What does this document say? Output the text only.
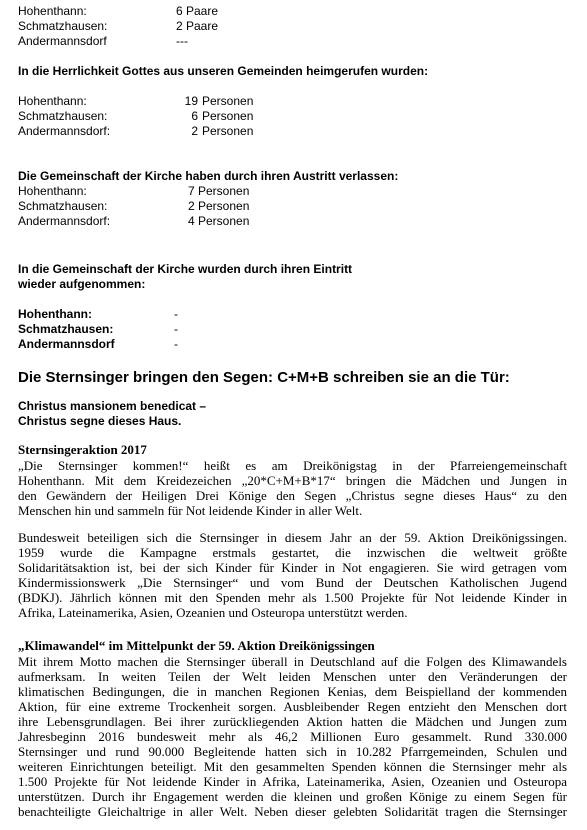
Hohenthann:	6 Paare
Schmatzhausen:	2 Paare
Andermannsdorf	---
In die Herrlichkeit Gottes aus unseren Gemeinden heimgerufen wurden:
Hohenthann:	19 Personen
Schmatzhausen:	6 Personen
Andermannsdorf:	2 Personen
Die Gemeinschaft der Kirche haben durch ihren Austritt verlassen:
Hohenthann:	7 Personen
Schmatzhausen:	2 Personen
Andermannsdorf:	4 Personen
In die Gemeinschaft der Kirche wurden durch ihren Eintritt
wieder aufgenommen:
Hohenthann:	-
Schmatzhausen:	-
Andermannsdorf	-
Die Sternsinger bringen den Segen: C+M+B schreiben sie an die Tür:
Christus mansionem benedicat –
Christus segne dieses Haus.
Sternsingeraktion 2017
„Die Sternsinger kommen!“ heißt es am Dreikönigstag in der Pfarreiengemeinschaft
Hohenthann. Mit dem Kreidezeichen „20*C+M+B*17“ bringen die Mädchen und Jungen in
den Gewändern der Heiligen Drei Könige den Segen „Christus segne dieses Haus“ zu den
Menschen hin und sammeln für Not leidende Kinder in aller Welt.
Bundesweit beteiligen sich die Sternsinger in diesem Jahr an der 59. Aktion Dreikönigssingen.
1959 wurde die Kampagne erstmals gestartet, die inzwischen die weltweit größte
Solidaritätsaktion ist, bei der sich Kinder für Kinder in Not engagieren. Sie wird getragen vom
Kindermissionswerk „Die Sternsinger“ und vom Bund der Deutschen Katholischen Jugend
(BDKJ). Jährlich können mit den Spenden mehr als 1.500 Projekte für Not leidende Kinder in
Afrika, Lateinamerika, Asien, Ozeanien und Osteuropa unterstützt werden.
„Klimawandel“ im Mittelpunkt der 59. Aktion Dreikönigssingen
Mit ihrem Motto machen die Sternsinger überall in Deutschland auf die Folgen des Klimawandels
aufmerksam. In weiten Teilen der Welt leiden Menschen unter den Veränderungen der
klimatischen Bedingungen, die in manchen Regionen Kenias, dem Beispielland der kommenden
Aktion, für eine extreme Trockenheit sorgen. Ausbleibender Regen entzieht den Menschen dort
ihre Lebensgrundlagen. Bei ihrer zurückliegenden Aktion hatten die Mädchen und Jungen zum
Jahresbeginn 2016 bundesweit mehr als 46,2 Millionen Euro gesammelt. Rund 330.000
Sternsinger und rund 90.000 Begleitende hatten sich in 10.282 Pfarrgemeinden, Schulen und
weiteren Einrichtungen beteiligt. Mit den gesammelten Spenden können die Sternsinger mehr als
1.500 Projekte für Not leidende Kinder in Afrika, Lateinamerika, Asien, Ozeanien und Osteuropa
unterstützen. Durch ihr Engagement werden die kleinen und großen Könige zu einem Segen für
benachteiligte Gleichaltrige in aller Welt. Neben dieser gelebten Solidarität tragen die Sternsinger
